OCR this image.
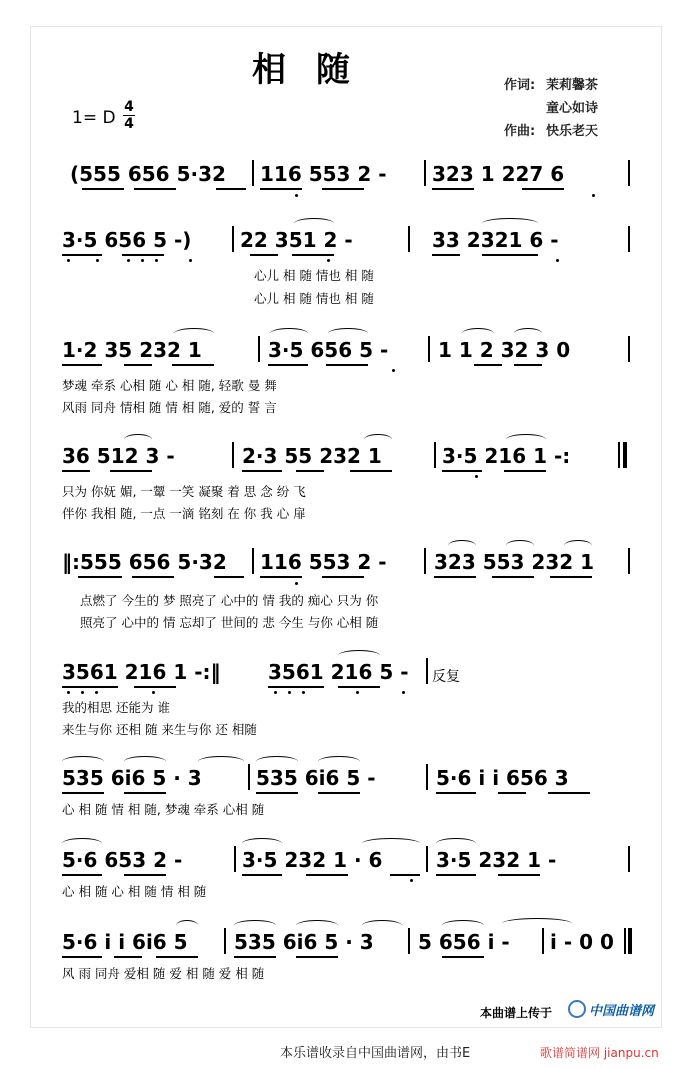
相随
1= D
4
4
作词: 茉莉馨茶
童心如诗
作曲: 快乐老天
(555 656 5·32 116 553 2 - 323 1 227 6
3·5 656 5 -) 22 351 2 -	33 2321 6 -
心儿 相 随 情也 相 随
心儿 相 随 情也 相 随
1·2 35 232 1	3·5 656 5 - 1 1 2 32 3 0
梦魂 牵系 心相 随 心 相 随, 轻歌 曼 舞
风雨 同舟 情相 随 情 相 随, 爱的 誓 言
36 512 3 -	2·3 55 232 1	3·5 216 1 -:
只为 你妩 媚, 一颦 一笑 凝聚 着 思 念 纷 飞
伴你 我相 随, 一点 一滴 铭刻 在 你 我 心 扉
‖:555 656 5·32 116 553 2 - 323 553 232 1
点燃了 今生的 梦 照亮了 心中的 情 我的 痴心 只为 你
照亮了 心中的 情 忘却了 世间的 悲 今生 与你 心相 随
3561 216 1 -:‖ 3561 216 5 - 反复
我的相思 还能为 谁
来生与你 还相 随 来生与你 还 相随
535 6i6 5 · 3	535 6i6 5 -	5·6 i i 656 3
心 相 随 情 相 随, 梦魂 牵系 心相 随
5·6 653 2 -	3·5 232 1 · 6	3·5 232 1 -
心 相 随 心 相 随 情 相 随
5·6 i i 6i6 5 535 6i6 5 · 3 5 656 i - i - 0 0
风 雨 同舟 爱相 随 爱 相 随 爱 相 随
本曲谱上传于	中国曲谱网
本乐谱收录自中国曲谱网，由书E	歌谱简谱网 jianpu.cn
